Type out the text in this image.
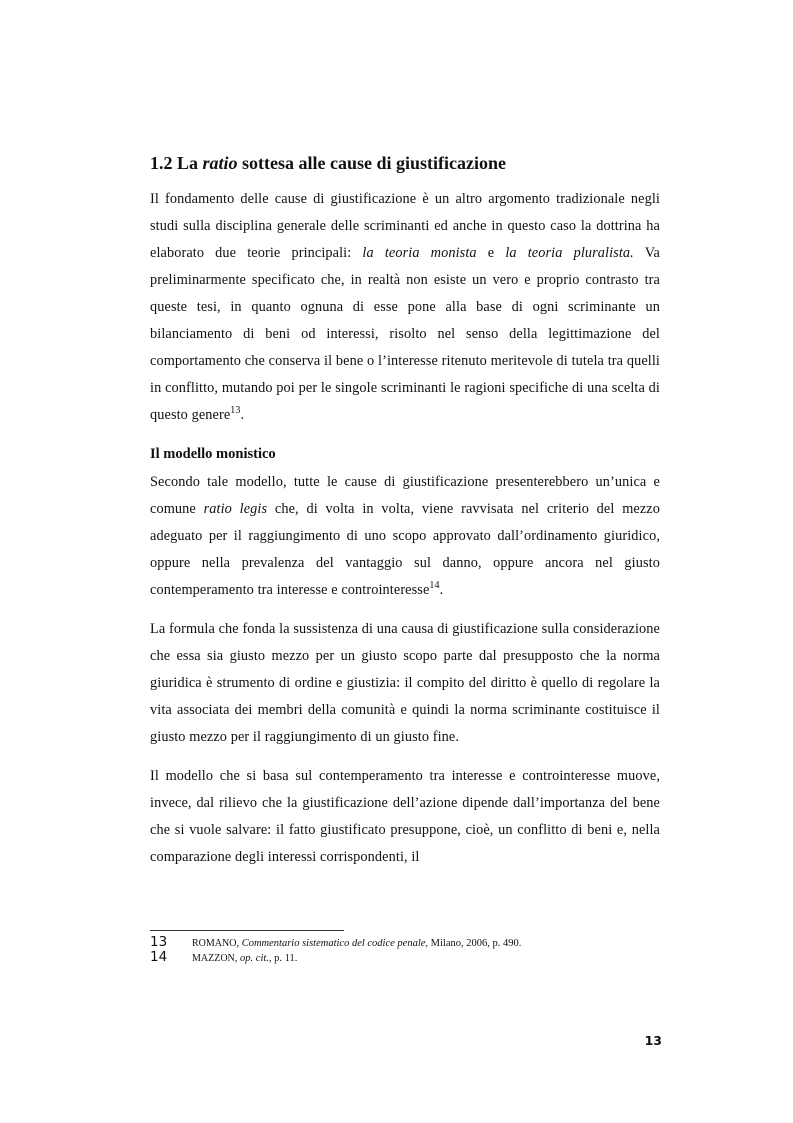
1.2 La ratio sottesa alle cause di giustificazione

Il fondamento delle cause di giustificazione è un altro argomento tradizionale negli studi sulla disciplina generale delle scriminanti ed anche in questo caso la dottrina ha elaborato due teorie principali: la teoria monista e la teoria pluralista. Va preliminarmente specificato che, in realtà non esiste un vero e proprio contrasto tra queste tesi, in quanto ognuna di esse pone alla base di ogni scriminante un bilanciamento di beni od interessi, risolto nel senso della legittimazione del comportamento che conserva il bene o l’interesse ritenuto meritevole di tutela tra quelli in conflitto, mutando poi per le singole scriminanti le ragioni specifiche di una scelta di questo genere$^{13}$.

Il modello monistico

Secondo tale modello, tutte le cause di giustificazione presenterebbero un’unica e comune ratio legis che, di volta in volta, viene ravvisata nel criterio del mezzo adeguato per il raggiungimento di uno scopo approvato dall’ordinamento giuridico, oppure nella prevalenza del vantaggio sul danno, oppure ancora nel giusto contemperamento tra interesse e controinteresse$^{14}$.

La formula che fonda la sussistenza di una causa di giustificazione sulla considerazione che essa sia giusto mezzo per un giusto scopo parte dal presupposto che la norma giuridica è strumento di ordine e giustizia: il compito del diritto è quello di regolare la vita associata dei membri della comunità e quindi la norma scriminante costituisce il giusto mezzo per il raggiungimento di un giusto fine.

Il modello che si basa sul contemperamento tra interesse e controinteresse muove, invece, dal rilievo che la giustificazione dell’azione dipende dall’importanza del bene che si vuole salvare: il fatto giustificato presuppone, cioè, un conflitto di beni e, nella comparazione degli interessi corrispondenti, il

13	ROMANO, Commentario sistematico del codice penale, Milano, 2006, p. 490.
14	MAZZON, op. cit., p. 11.
13
